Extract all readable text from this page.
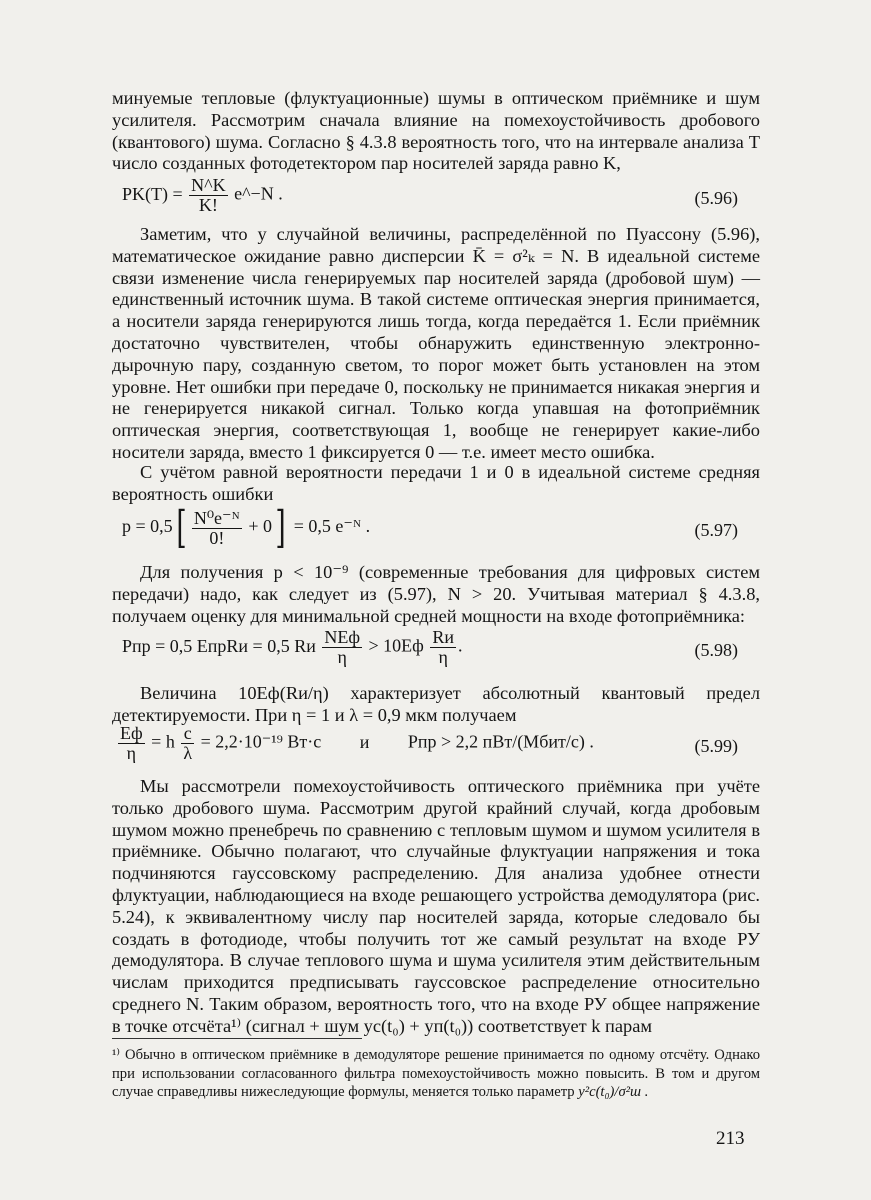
минуемые тепловые (флуктуационные) шумы в оптическом приёмнике и шум усилителя. Рассмотрим сначала влияние на помехоустойчивость дробового (квантового) шума. Согласно § 4.3.8 вероятность того, что на интервале анализа T число созданных фотодетектором пар носителей заряда равно K,

$PK(T) = \frac{N\^{}K}{K!}$ e^−N .	(5.96)

Заметим, что у случайной величины, распределённой по Пуассону (5.96), математическое ожидание равно дисперсии K̄ = σ²ₖ = N. В идеальной системе связи изменение числа генерируемых пар носителей заряда (дробовой шум) — единственный источник шума. В такой системе оптическая энергия принимается, а носители заряда генерируются лишь тогда, когда передаётся 1. Если приёмник достаточно чувствителен, чтобы обнаружить единственную электронно-дырочную пару, созданную светом, то порог может быть установлен на этом уровне. Нет ошибки при передаче 0, поскольку не принимается никакая энергия и не генерируется никакой сигнал. Только когда упавшая на фотоприёмник оптическая энергия, соответствующая 1, вообще не генерирует какие-либо носители заряда, вместо 1 фиксируется 0 — т.е. имеет место ошибка.

С учётом равной вероятности передачи 1 и 0 в идеальной системе средняя вероятность ошибки

$p = 0,5[ \frac{\text{N⁰e⁻ᴺ}}{0!} + 0] = 0,5$ e⁻ᴺ .	(5.97)

Для получения p < 10⁻⁹ (современные требования для цифровых систем передачи) надо, как следует из (5.97), N > 20. Учитывая материал § 4.3.8, получаем оценку для минимальной средней мощности на входе фотоприёмника:

Pпр = 0,5 EпрRи = 0,5 Rи $\frac{\text{NEф}}{\eta} > 10Eф \frac{Rи}{\eta}$ .	(5.98)

Величина 10Eф(Rи/η) характеризует абсолютный квантовый предел детектируемости. При η = 1 и λ = 0,9 мкм получаем

$\frac{Eф}{\eta} = h \frac{c}{\lambda} = 2,2\cdot 10^{-19}$ Вт·с и Pпр > 2,2 пВт/(Мбит/с) .	(5.99)

Мы рассмотрели помехоустойчивость оптического приёмника при учёте только дробового шума. Рассмотрим другой крайний случай, когда дробовым шумом можно пренебречь по сравнению с тепловым шумом и шумом усилителя в приёмнике. Обычно полагают, что случайные флуктуации напряжения и тока подчиняются гауссовскому распределению. Для анализа удобнее отнести флуктуации, наблюдающиеся на входе решающего устройства демодулятора (рис. 5.24), к эквивалентному числу пар носителей заряда, которые следовало бы создать в фотодиоде, чтобы получить тот же самый результат на входе РУ демодулятора. В случае теплового шума и шума усилителя этим действительным числам приходится предписывать гауссовское распределение относительно среднего N. Таким образом, вероятность того, что на входе РУ общее напряжение в точке отсчёта¹⁾ (сигнал + шум yс(t₀) + yп(t₀)) соответствует k парам

¹⁾ Обычно в оптическом приёмнике в демодуляторе решение принимается по одному отсчёту. Однако при использовании согласованного фильтра помехоустойчивость можно повысить. В том и другом случае справедливы нижеследующие формулы, меняется только параметр y²с(t₀)/σ²ш .

213
